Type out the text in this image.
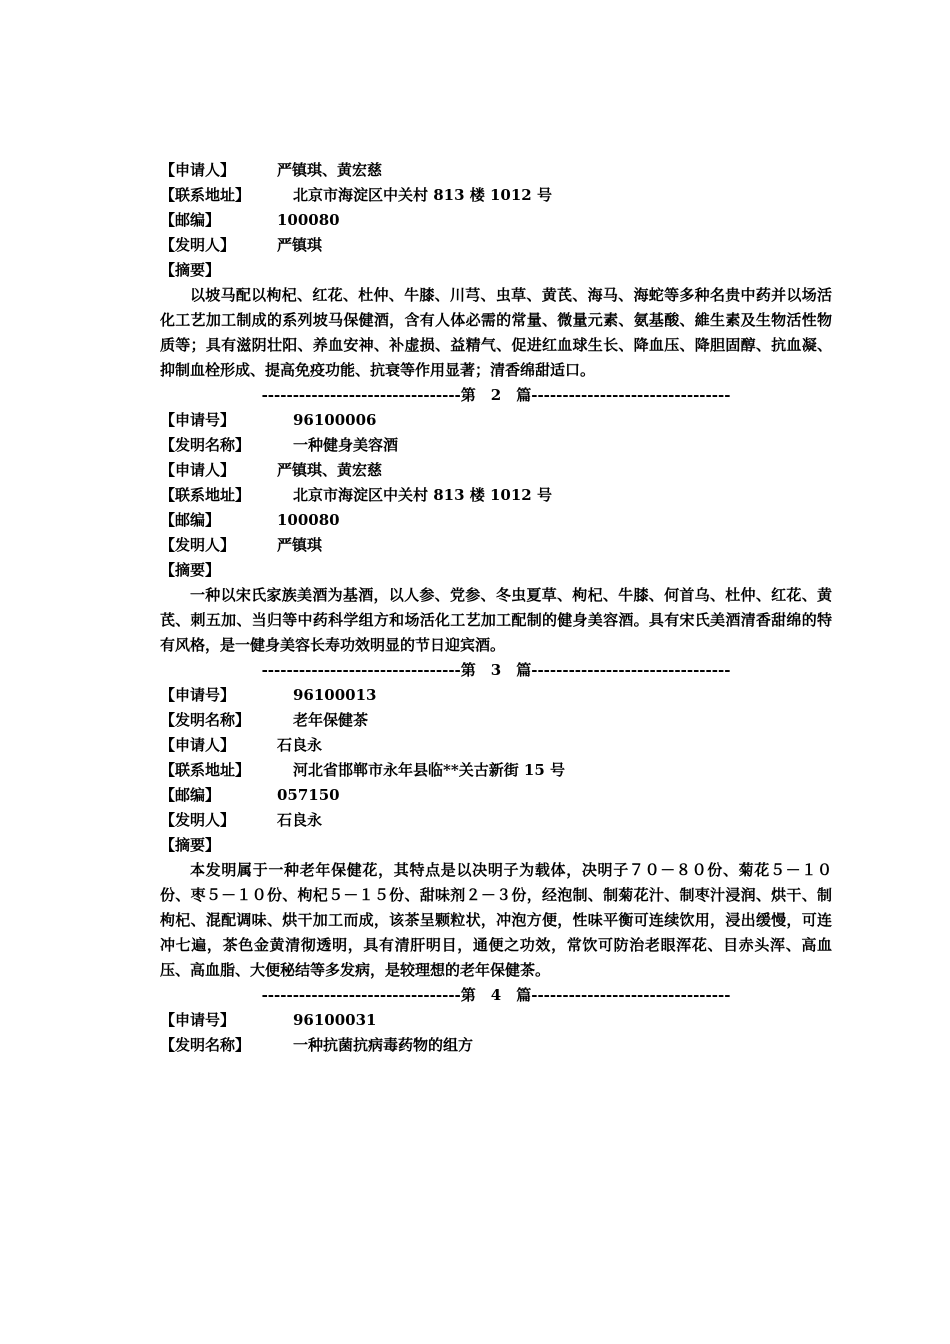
【申请人】	严镇琪、黄宏慈
【联系地址】	北京市海淀区中关村 813 楼 1012 号
【邮编】	100080
【发明人】	严镇琪
【摘要】

以坡马配以枸杞、红花、杜仲、牛膝、川芎、虫草、黄芪、海马、海蛇等多种名贵中药并以场活化工艺加工制成的系列坡马保健酒，含有人体必需的常量、微量元素、氨基酸、維生素及生物活性物质等；具有滋阴壮阳、养血安神、补虚损、益精气、促进红血球生长、降血压、降胆固醇、抗血凝、抑制血栓形成、提高免疫功能、抗衰等作用显著；清香绵甜适口。

--------------------------------第　2　篇--------------------------------
【申请号】	96100006
【发明名称】	一种健身美容酒
【申请人】	严镇琪、黄宏慈
【联系地址】	北京市海淀区中关村 813 楼 1012 号
【邮编】	100080
【发明人】	严镇琪
【摘要】

一种以宋氏家族美酒为基酒，以人参、党参、冬虫夏草、枸杞、牛膝、何首乌、杜仲、红花、黄芪、刺五加、当归等中药科学组方和场活化工艺加工配制的健身美容酒。具有宋氏美酒清香甜绵的特有风格，是一健身美容长寿功效明显的节日迎宾酒。

--------------------------------第　3　篇--------------------------------
【申请号】	96100013
【发明名称】	老年保健茶
【申请人】	石良永
【联系地址】	河北省邯郸市永年县临**关古新街 15 号
【邮编】	057150
【发明人】	石良永
【摘要】

本发明属于一种老年保健花，其特点是以决明子为载体，决明子７０－８０份、菊花５－１０份、枣５－１０份、枸杞５－１５份、甜味剂２－３份，经泡制、制菊花汁、制枣汁浸润、烘干、制枸杞、混配调味、烘干加工而成，该茶呈颗粒状，冲泡方便，性味平衡可连续饮用，浸出缓慢，可连冲七遍，茶色金黄清彻透明，具有清肝明目，通便之功效，常饮可防治老眼浑花、目赤头浑、高血压、高血脂、大便秘结等多发病，是较理想的老年保健茶。

--------------------------------第　4　篇--------------------------------
【申请号】	96100031
【发明名称】	一种抗菌抗病毒药物的组方
